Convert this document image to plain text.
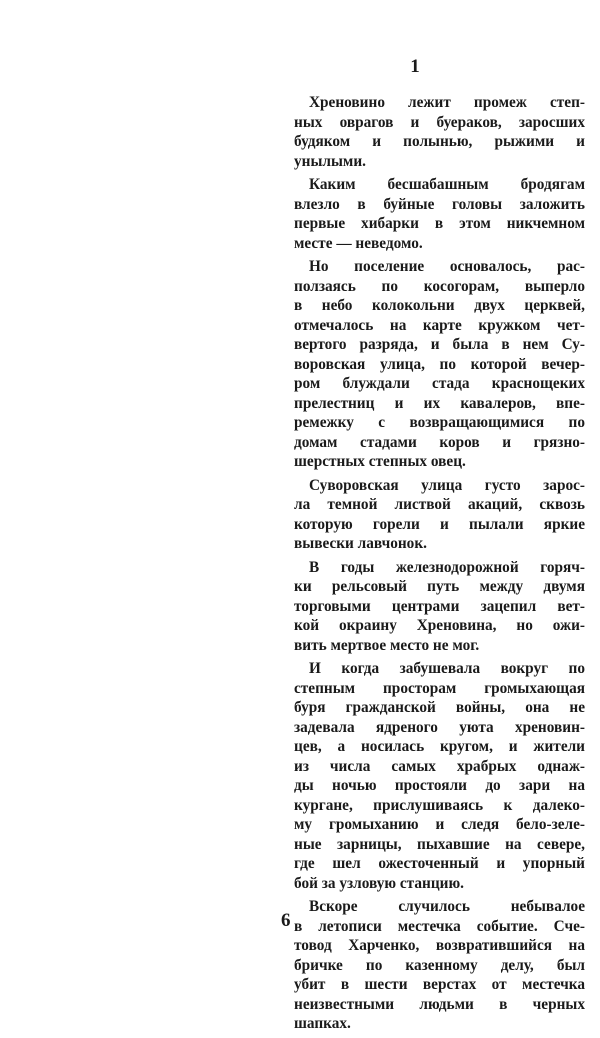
1
Хреновино лежит промеж степ-
ных оврагов и буераков, заросших
будяком и полынью, рыжими и
унылыми.
Каким бесшабашным бродягам
влезло в буйные головы заложить
первые хибарки в этом никчемном
месте — неведомо.
Но поселение основалось, рас-
ползаясь по косогорам, выперло
в небо колокольни двух церквей,
отмечалось на карте кружком чет-
вертого разряда, и была в нем Су-
воровская улица, по которой вечер-
ром блуждали стада краснощеких
прелестниц и их кавалеров, впе-
ремежку с возвращающимися по
домам стадами коров и грязно-
шерстных степных овец.
Суворовская улица густо зарос-
ла темной листвой акаций, сквозь
которую горели и пылали яркие
вывески лавчонок.
В годы железнодорожной горяч-
ки рельсовый путь между двумя
торговыми центрами зацепил вет-
кой окраину Хреновина, но ожи-
вить мертвое место не мог.
И когда забушевала вокруг по
степным просторам громыхающая
буря гражданской войны, она не
задевала ядреного уюта хреновин-
цев, а носилась кругом, и жители
из числа самых храбрых однаж-
ды ночью простояли до зари на
кургане, прислушиваясь к далеко-
му громыханию и следя бело-зеле-
ные зарницы, пыхавшие на севере,
где шел ожесточенный и упорный
бой за узловую станцию.
Вскоре случилось небывалое
в летописи местечка событие. Сче-
товод Харченко, возвратившийся на
бричке по казенному делу, был
убит в шести верстах от местечка
неизвестными людьми в черных
шапках.
6
